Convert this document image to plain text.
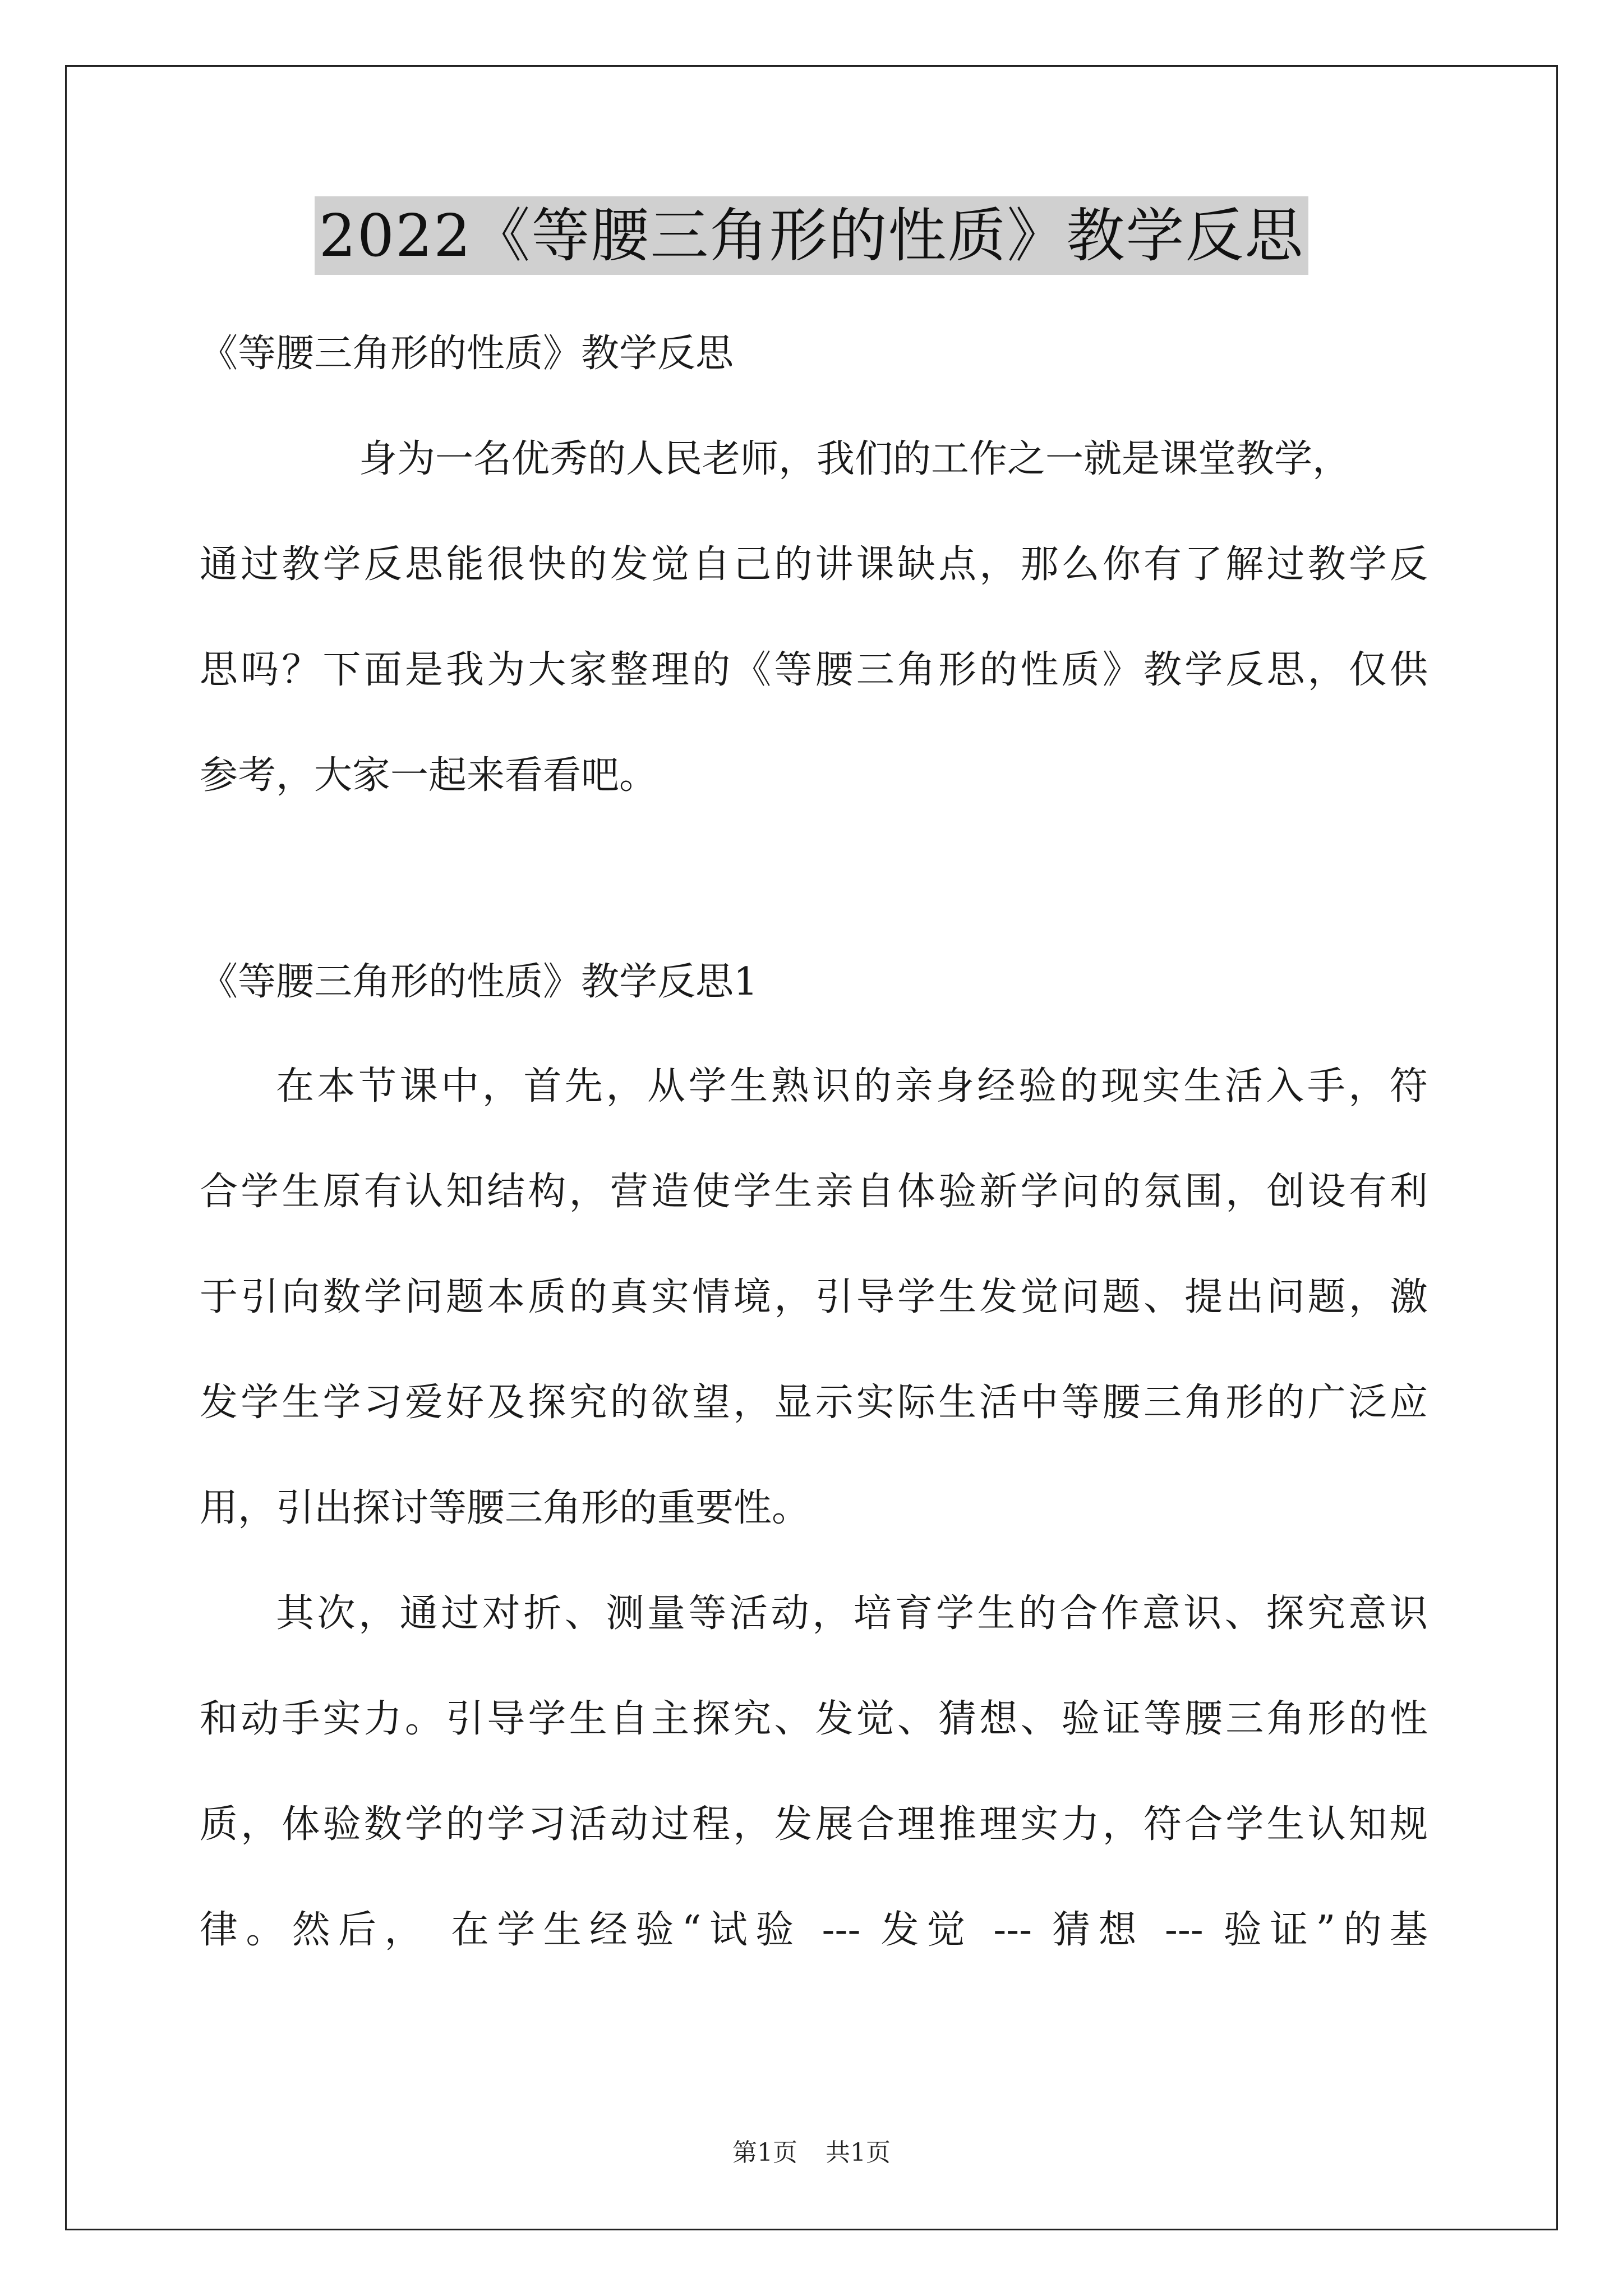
2022《等腰三角形的性质》教学反思
《等腰三角形的性质》教学反思
身为一名优秀的人民老师，我们的工作之一就是课堂教学，
通过教学反思能很快的发觉自己的讲课缺点，那么你有了解过教学反
思吗？下面是我为大家整理的《等腰三角形的性质》教学反思，仅供
参考，大家一起来看看吧。
《等腰三角形的性质》教学反思1
在本节课中，首先，从学生熟识的亲身经验的现实生活入手，符
合学生原有认知结构，营造使学生亲自体验新学问的氛围，创设有利
于引向数学问题本质的真实情境，引导学生发觉问题、提出问题，激
发学生学习爱好及探究的欲望，显示实际生活中等腰三角形的广泛应
用，引出探讨等腰三角形的重要性。
其次，通过对折、测量等活动，培育学生的合作意识、探究意识
和动手实力。引导学生自主探究、发觉、猜想、验证等腰三角形的性
质，体验数学的学习活动过程，发展合理推理实力，符合学生认知规
律。然后， 在学生经验“试验 --- 发觉 --- 猜想 --- 验证”的基
第1页 共1页
